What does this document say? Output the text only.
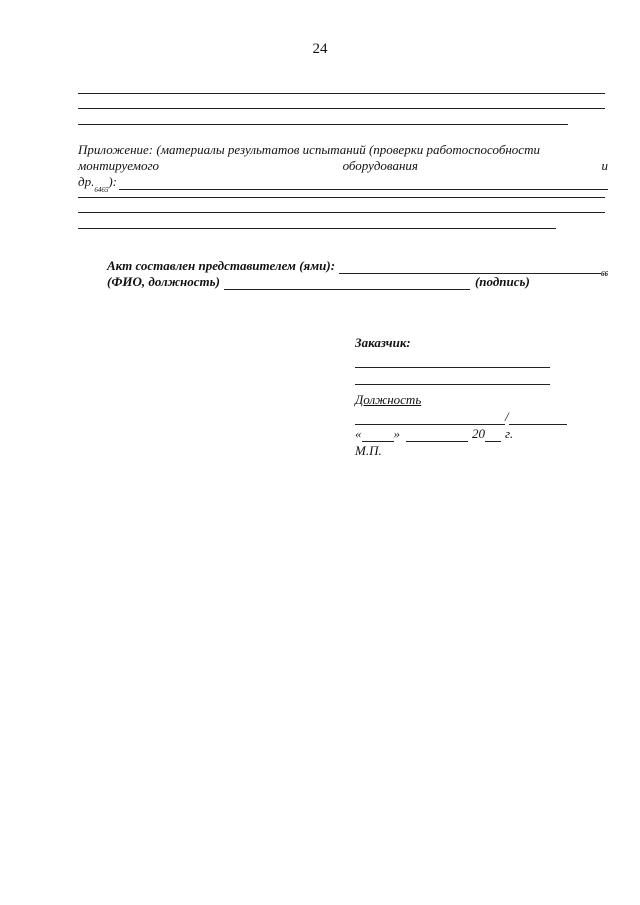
24
Приложение: (материалы результатов испытаний (проверки работоспособности
монтируемого	оборудования	и
др.
6465
):
Акт составлен представителем (ями):
66
(ФИО, должность)	(подпись)
Заказчик:
Должность
/
« »	20 г.
М.П.
